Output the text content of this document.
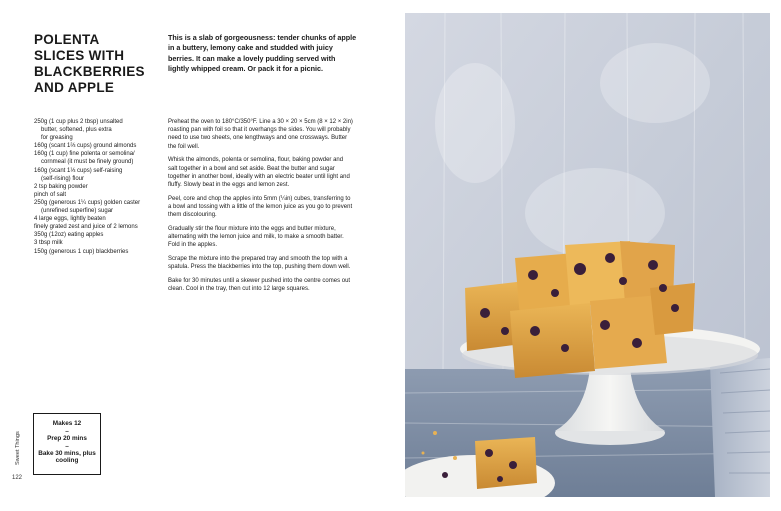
POLENTA
SLICES WITH
BLACKBERRIES
AND APPLE

This is a slab of gorgeousness: tender chunks of apple in a buttery, lemony cake and studded with juicy berries. It can make a lovely pudding served with lightly whipped cream. Or pack it for a picnic.

250g (1 cup plus 2 tbsp) unsalted
butter, softened, plus extra
for greasing
160g (scant 1⅔ cups) ground almonds
160g (1 cup) fine polenta or semolina/
cornmeal (it must be finely ground)
160g (scant 1⅓ cups) self-raising
(self-rising) flour
2 tsp baking powder
pinch of salt
250g (generous 1¼ cups) golden caster
(unrefined superfine) sugar
4 large eggs, lightly beaten
finely grated zest and juice of 2 lemons
350g (12oz) eating apples
3 tbsp milk
150g (generous 1 cup) blackberries

Preheat the oven to 180°C/350°F. Line a 30 × 20 × 5cm (8 × 12 × 2in) roasting pan with foil so that it overhangs the sides. You will probably need to use two sheets, one lengthways and one crossways. Butter the foil well.

Whisk the almonds, polenta or semolina, flour, baking powder and salt together in a bowl and set aside. Beat the butter and sugar together in another bowl, ideally with an electric beater until light and fluffy. Slowly beat in the eggs and lemon zest.

Peel, core and chop the apples into 5mm (¼in) cubes, transferring to a bowl and tossing with a little of the lemon juice as you go to prevent them discolouring.

Gradually stir the flour mixture into the eggs and butter mixture, alternating with the lemon juice and milk, to make a smooth batter. Fold in the apples.

Scrape the mixture into the prepared tray and smooth the top with a spatula. Press the blackberries into the top, pushing them down well.

Bake for 30 minutes until a skewer pushed into the centre comes out clean. Cool in the tray, then cut into 12 large squares.

Makes 12
–
Prep 20 mins
–
Bake 30 mins, plus cooling
Sweet Things
122
